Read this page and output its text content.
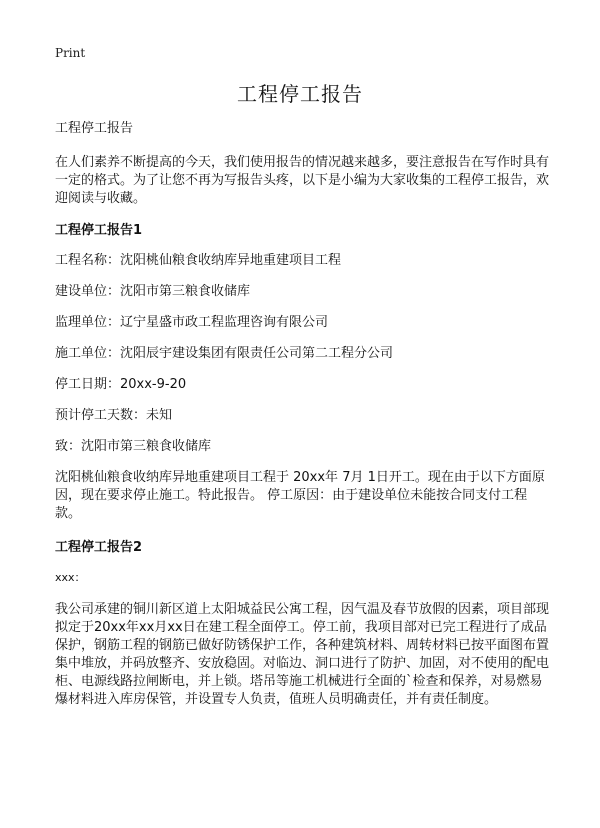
Print
工程停工报告

工程停工报告

在人们素养不断提高的今天，我们使用报告的情况越来越多，要注意报告在写作时具有一定的格式。为了让您不再为写报告头疼，以下是小编为大家收集的工程停工报告，欢迎阅读与收藏。

工程停工报告1

工程名称：沈阳桃仙粮食收纳库异地重建项目工程

建设单位：沈阳市第三粮食收储库

监理单位：辽宁星盛市政工程监理咨询有限公司

施工单位：沈阳辰宇建设集团有限责任公司第二工程分公司

停工日期：20xx-9-20

预计停工天数：未知

致：沈阳市第三粮食收储库

沈阳桃仙粮食收纳库异地重建项目工程于 20xx年 7月 1日开工。现在由于以下方面原因，现在要求停止施工。特此报告。 停工原因：由于建设单位未能按合同支付工程款。

工程停工报告2

xxx：

我公司承建的铜川新区道上太阳城益民公寓工程，因气温及春节放假的因素，项目部现拟定于20xx年xx月xx日在建工程全面停工。停工前，我项目部对已完工程进行了成品保护，钢筋工程的钢筋已做好防锈保护工作，各种建筑材料、周转材料已按平面图布置集中堆放，并码放整齐、安放稳固。对临边、洞口进行了防护、加固，对不使用的配电柜、电源线路拉闸断电，并上锁。塔吊等施工机械进行全面的`检查和保养，对易燃易爆材料进入库房保管，并设置专人负责，值班人员明确责任，并有责任制度。
